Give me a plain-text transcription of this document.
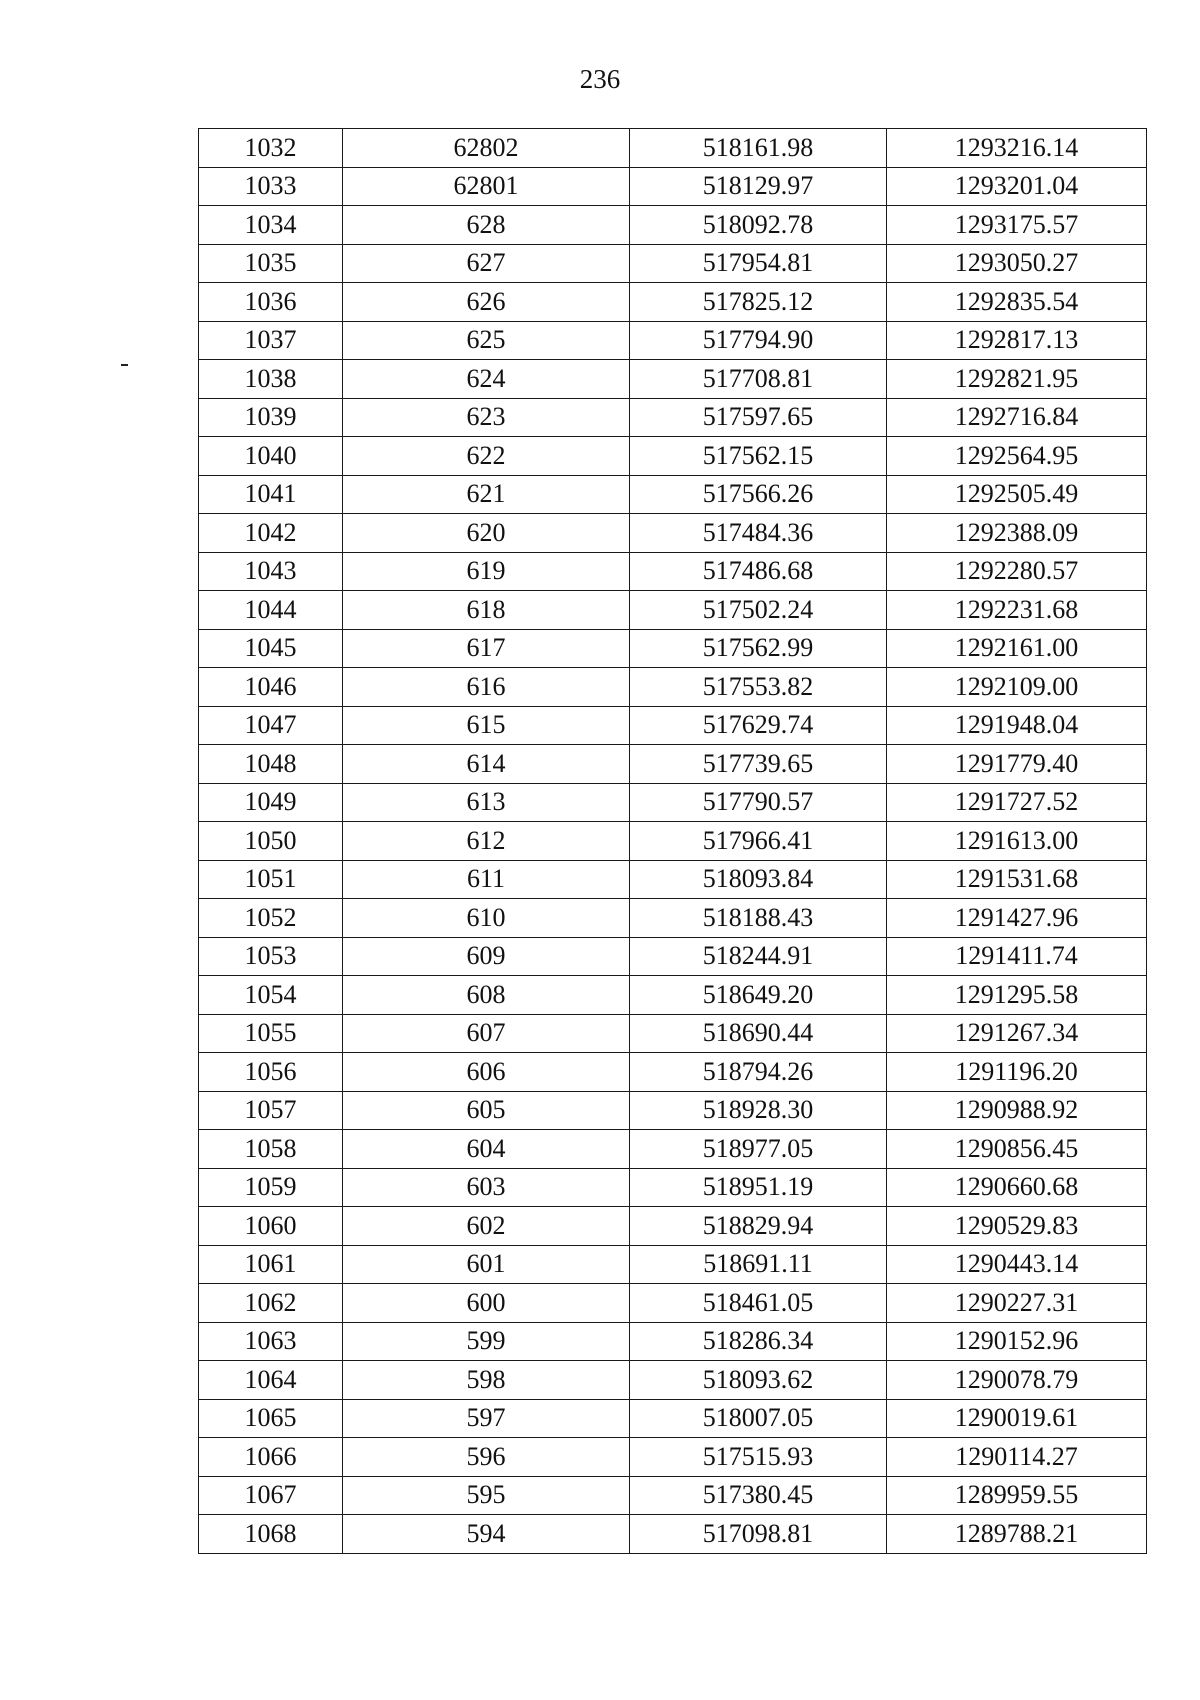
236
1032	62802	518161.98	1293216.14
1033	62801	518129.97	1293201.04
1034	628	518092.78	1293175.57
1035	627	517954.81	1293050.27
1036	626	517825.12	1292835.54
1037	625	517794.90	1292817.13
1038	624	517708.81	1292821.95
1039	623	517597.65	1292716.84
1040	622	517562.15	1292564.95
1041	621	517566.26	1292505.49
1042	620	517484.36	1292388.09
1043	619	517486.68	1292280.57
1044	618	517502.24	1292231.68
1045	617	517562.99	1292161.00
1046	616	517553.82	1292109.00
1047	615	517629.74	1291948.04
1048	614	517739.65	1291779.40
1049	613	517790.57	1291727.52
1050	612	517966.41	1291613.00
1051	611	518093.84	1291531.68
1052	610	518188.43	1291427.96
1053	609	518244.91	1291411.74
1054	608	518649.20	1291295.58
1055	607	518690.44	1291267.34
1056	606	518794.26	1291196.20
1057	605	518928.30	1290988.92
1058	604	518977.05	1290856.45
1059	603	518951.19	1290660.68
1060	602	518829.94	1290529.83
1061	601	518691.11	1290443.14
1062	600	518461.05	1290227.31
1063	599	518286.34	1290152.96
1064	598	518093.62	1290078.79
1065	597	518007.05	1290019.61
1066	596	517515.93	1290114.27
1067	595	517380.45	1289959.55
1068	594	517098.81	1289788.21
